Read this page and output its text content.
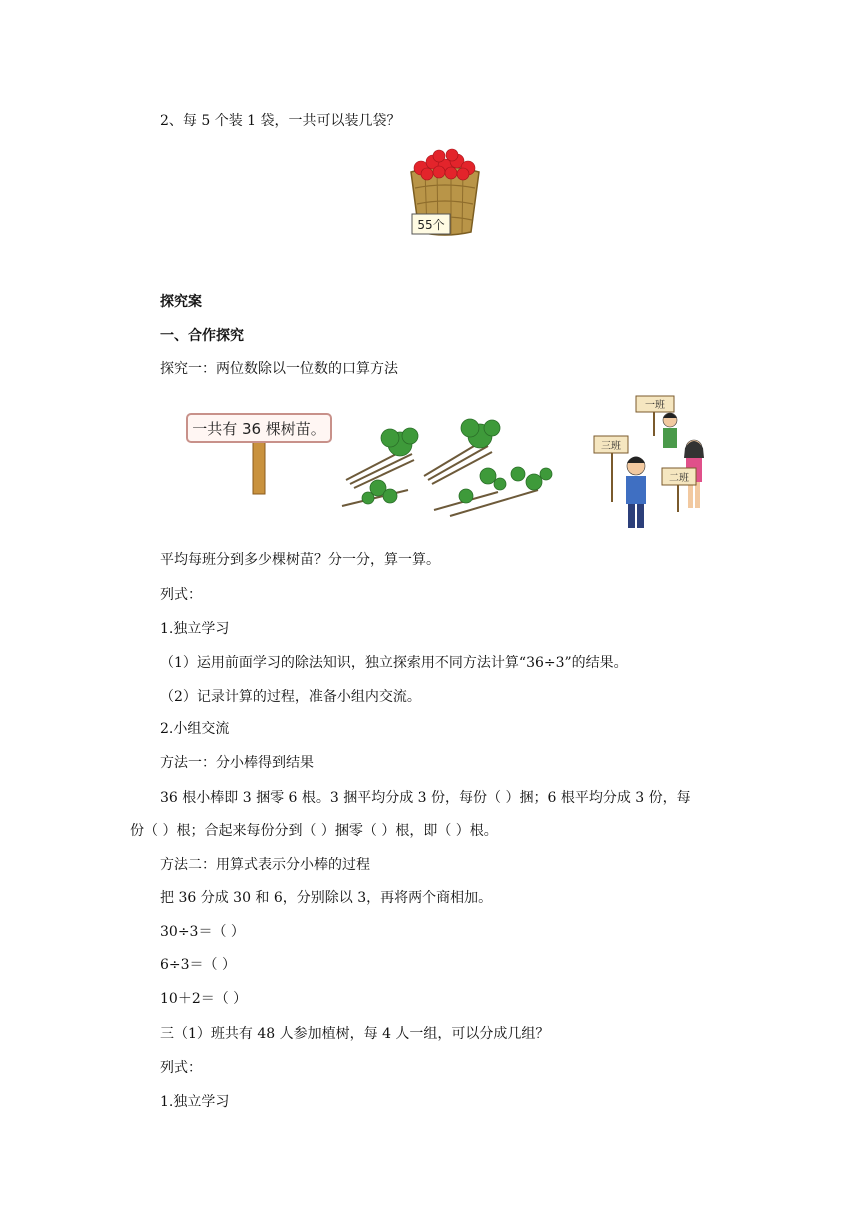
2、每 5 个装 1 袋，一共可以装几袋？
55个
探究案
一、合作探究
探究一：两位数除以一位数的口算方法
一共有 36 棵树苗。
一班
三班
二班
平均每班分到多少棵树苗？分一分，算一算。
列式：
1.独立学习
（1）运用前面学习的除法知识，独立探索用不同方法计算“36÷3”的结果。
（2）记录计算的过程，准备小组内交流。
2.小组交流
方法一：分小棒得到结果
36 根小棒即 3 捆零 6 根。3 捆平均分成 3 份，每份（ ）捆；6 根平均分成 3 份，每
份（ ）根；合起来每份分到（ ）捆零（ ）根，即（ ）根。
方法二：用算式表示分小棒的过程
把 36 分成 30 和 6，分别除以 3，再将两个商相加。
30÷3＝（ ）
6÷3＝（ ）
10＋2＝（ ）
三（1）班共有 48 人参加植树，每 4 人一组，可以分成几组？
列式：
1.独立学习
